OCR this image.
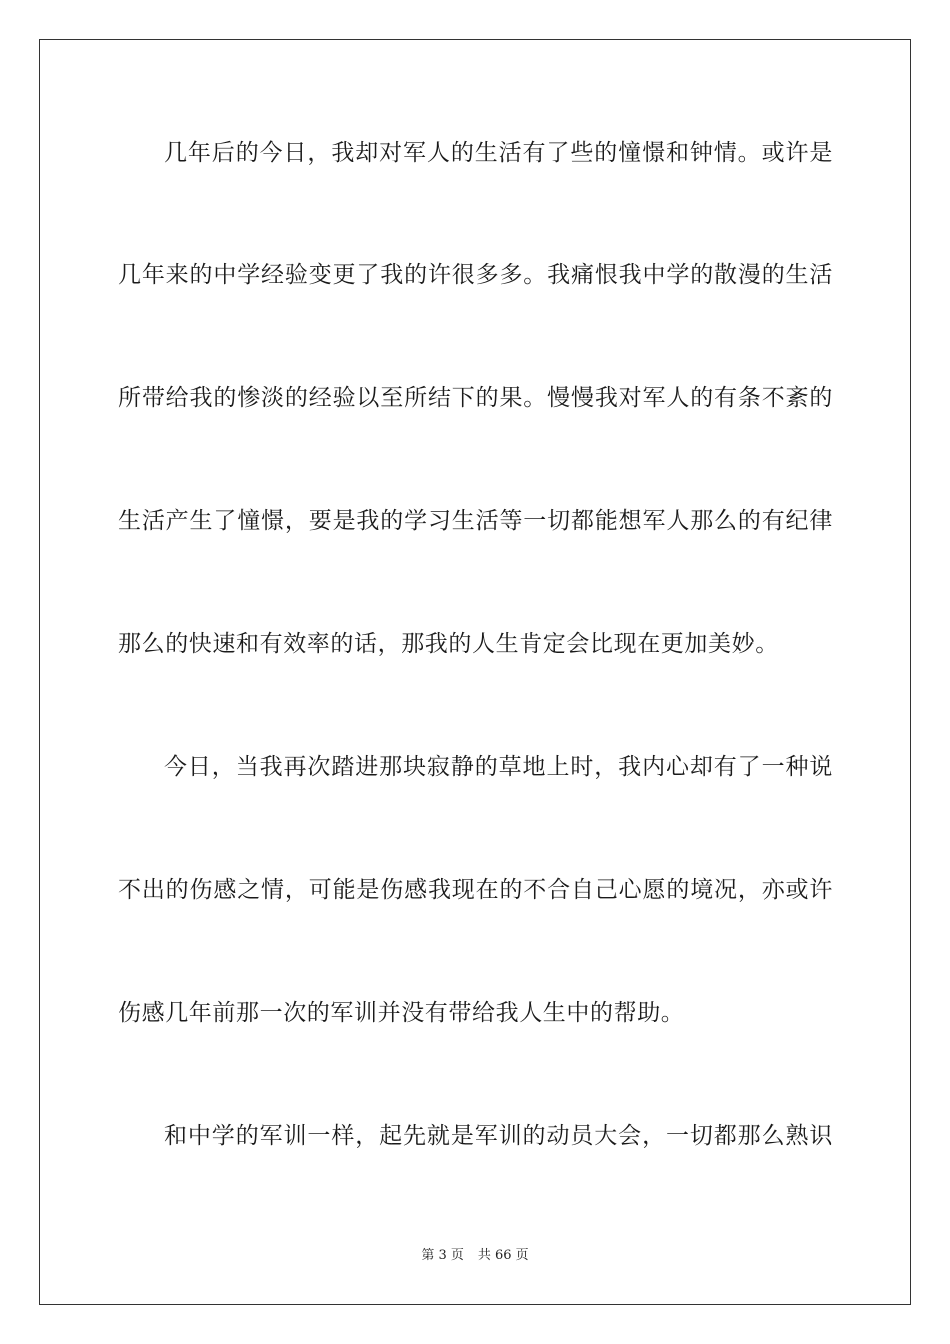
几年后的今日，我却对军人的生活有了些的憧憬和钟情。或许是
几年来的中学经验变更了我的许很多多。我痛恨我中学的散漫的生活
所带给我的惨淡的经验以至所结下的果。慢慢我对军人的有条不紊的
生活产生了憧憬，要是我的学习生活等一切都能想军人那么的有纪律
那么的快速和有效率的话，那我的人生肯定会比现在更加美妙。
今日，当我再次踏进那块寂静的草地上时，我内心却有了一种说
不出的伤感之情，可能是伤感我现在的不合自己心愿的境况，亦或许
伤感几年前那一次的军训并没有带给我人生中的帮助。
和中学的军训一样，起先就是军训的动员大会，一切都那么熟识
第 3 页 共 66 页
